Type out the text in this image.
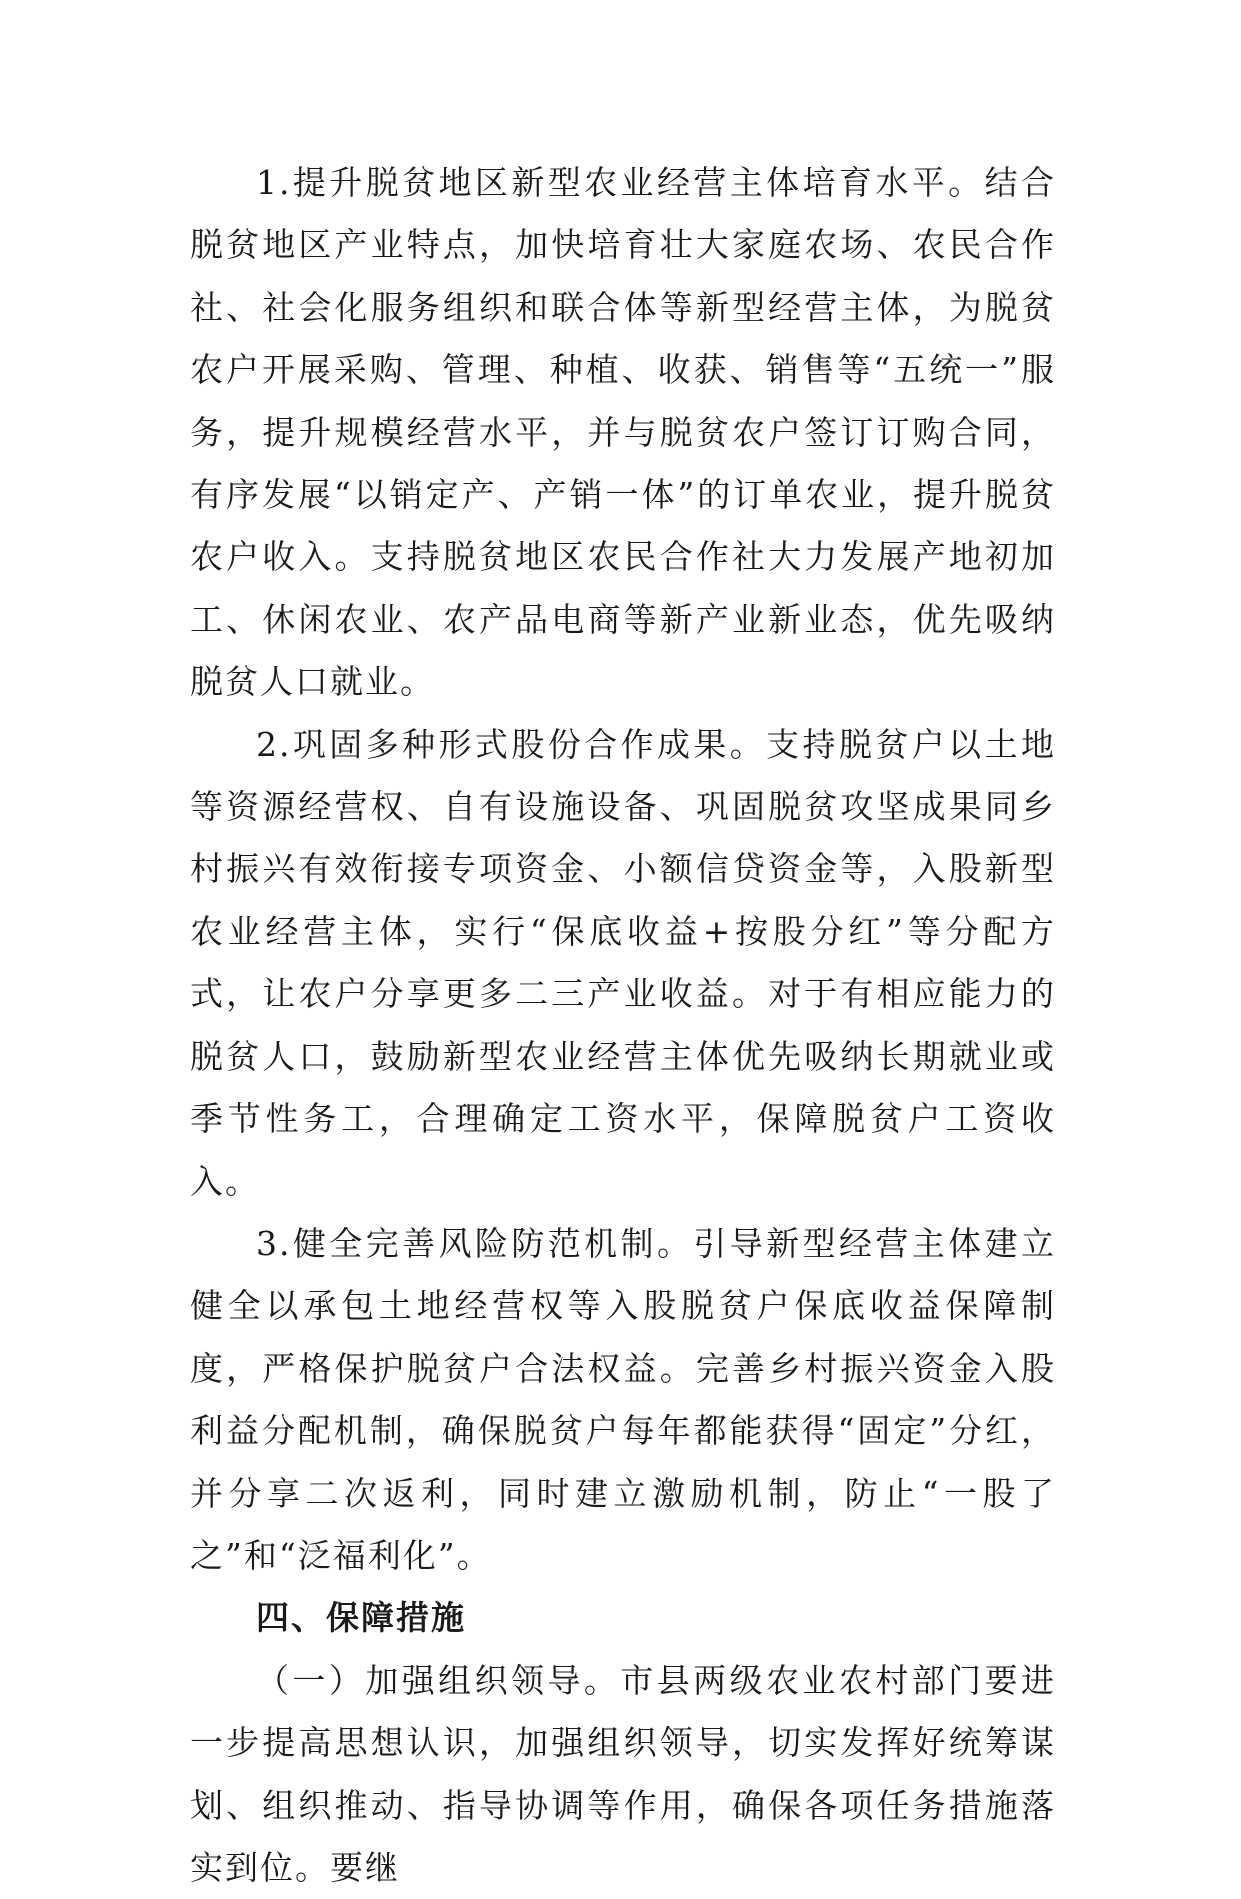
1.提升脱贫地区新型农业经营主体培育水平。结合脱贫地区产业特点，加快培育壮大家庭农场、农民合作社、社会化服务组织和联合体等新型经营主体，为脱贫农户开展采购、管理、种植、收获、销售等“五统一”服务，提升规模经营水平，并与脱贫农户签订订购合同，有序发展“以销定产、产销一体”的订单农业，提升脱贫农户收入。支持脱贫地区农民合作社大力发展产地初加工、休闲农业、农产品电商等新产业新业态，优先吸纳脱贫人口就业。

2.巩固多种形式股份合作成果。支持脱贫户以土地等资源经营权、自有设施设备、巩固脱贫攻坚成果同乡村振兴有效衔接专项资金、小额信贷资金等，入股新型农业经营主体，实行“保底收益+按股分红”等分配方式，让农户分享更多二三产业收益。对于有相应能力的脱贫人口，鼓励新型农业经营主体优先吸纳长期就业或季节性务工，合理确定工资水平，保障脱贫户工资收入。

3.健全完善风险防范机制。引导新型经营主体建立健全以承包土地经营权等入股脱贫户保底收益保障制度，严格保护脱贫户合法权益。完善乡村振兴资金入股利益分配机制，确保脱贫户每年都能获得“固定”分红，并分享二次返利，同时建立激励机制，防止“一股了之”和“泛福利化”。

四、保障措施

（一）加强组织领导。市县两级农业农村部门要进一步提高思想认识，加强组织领导，切实发挥好统筹谋划、组织推动、指导协调等作用，确保各项任务措施落实到位。要继
